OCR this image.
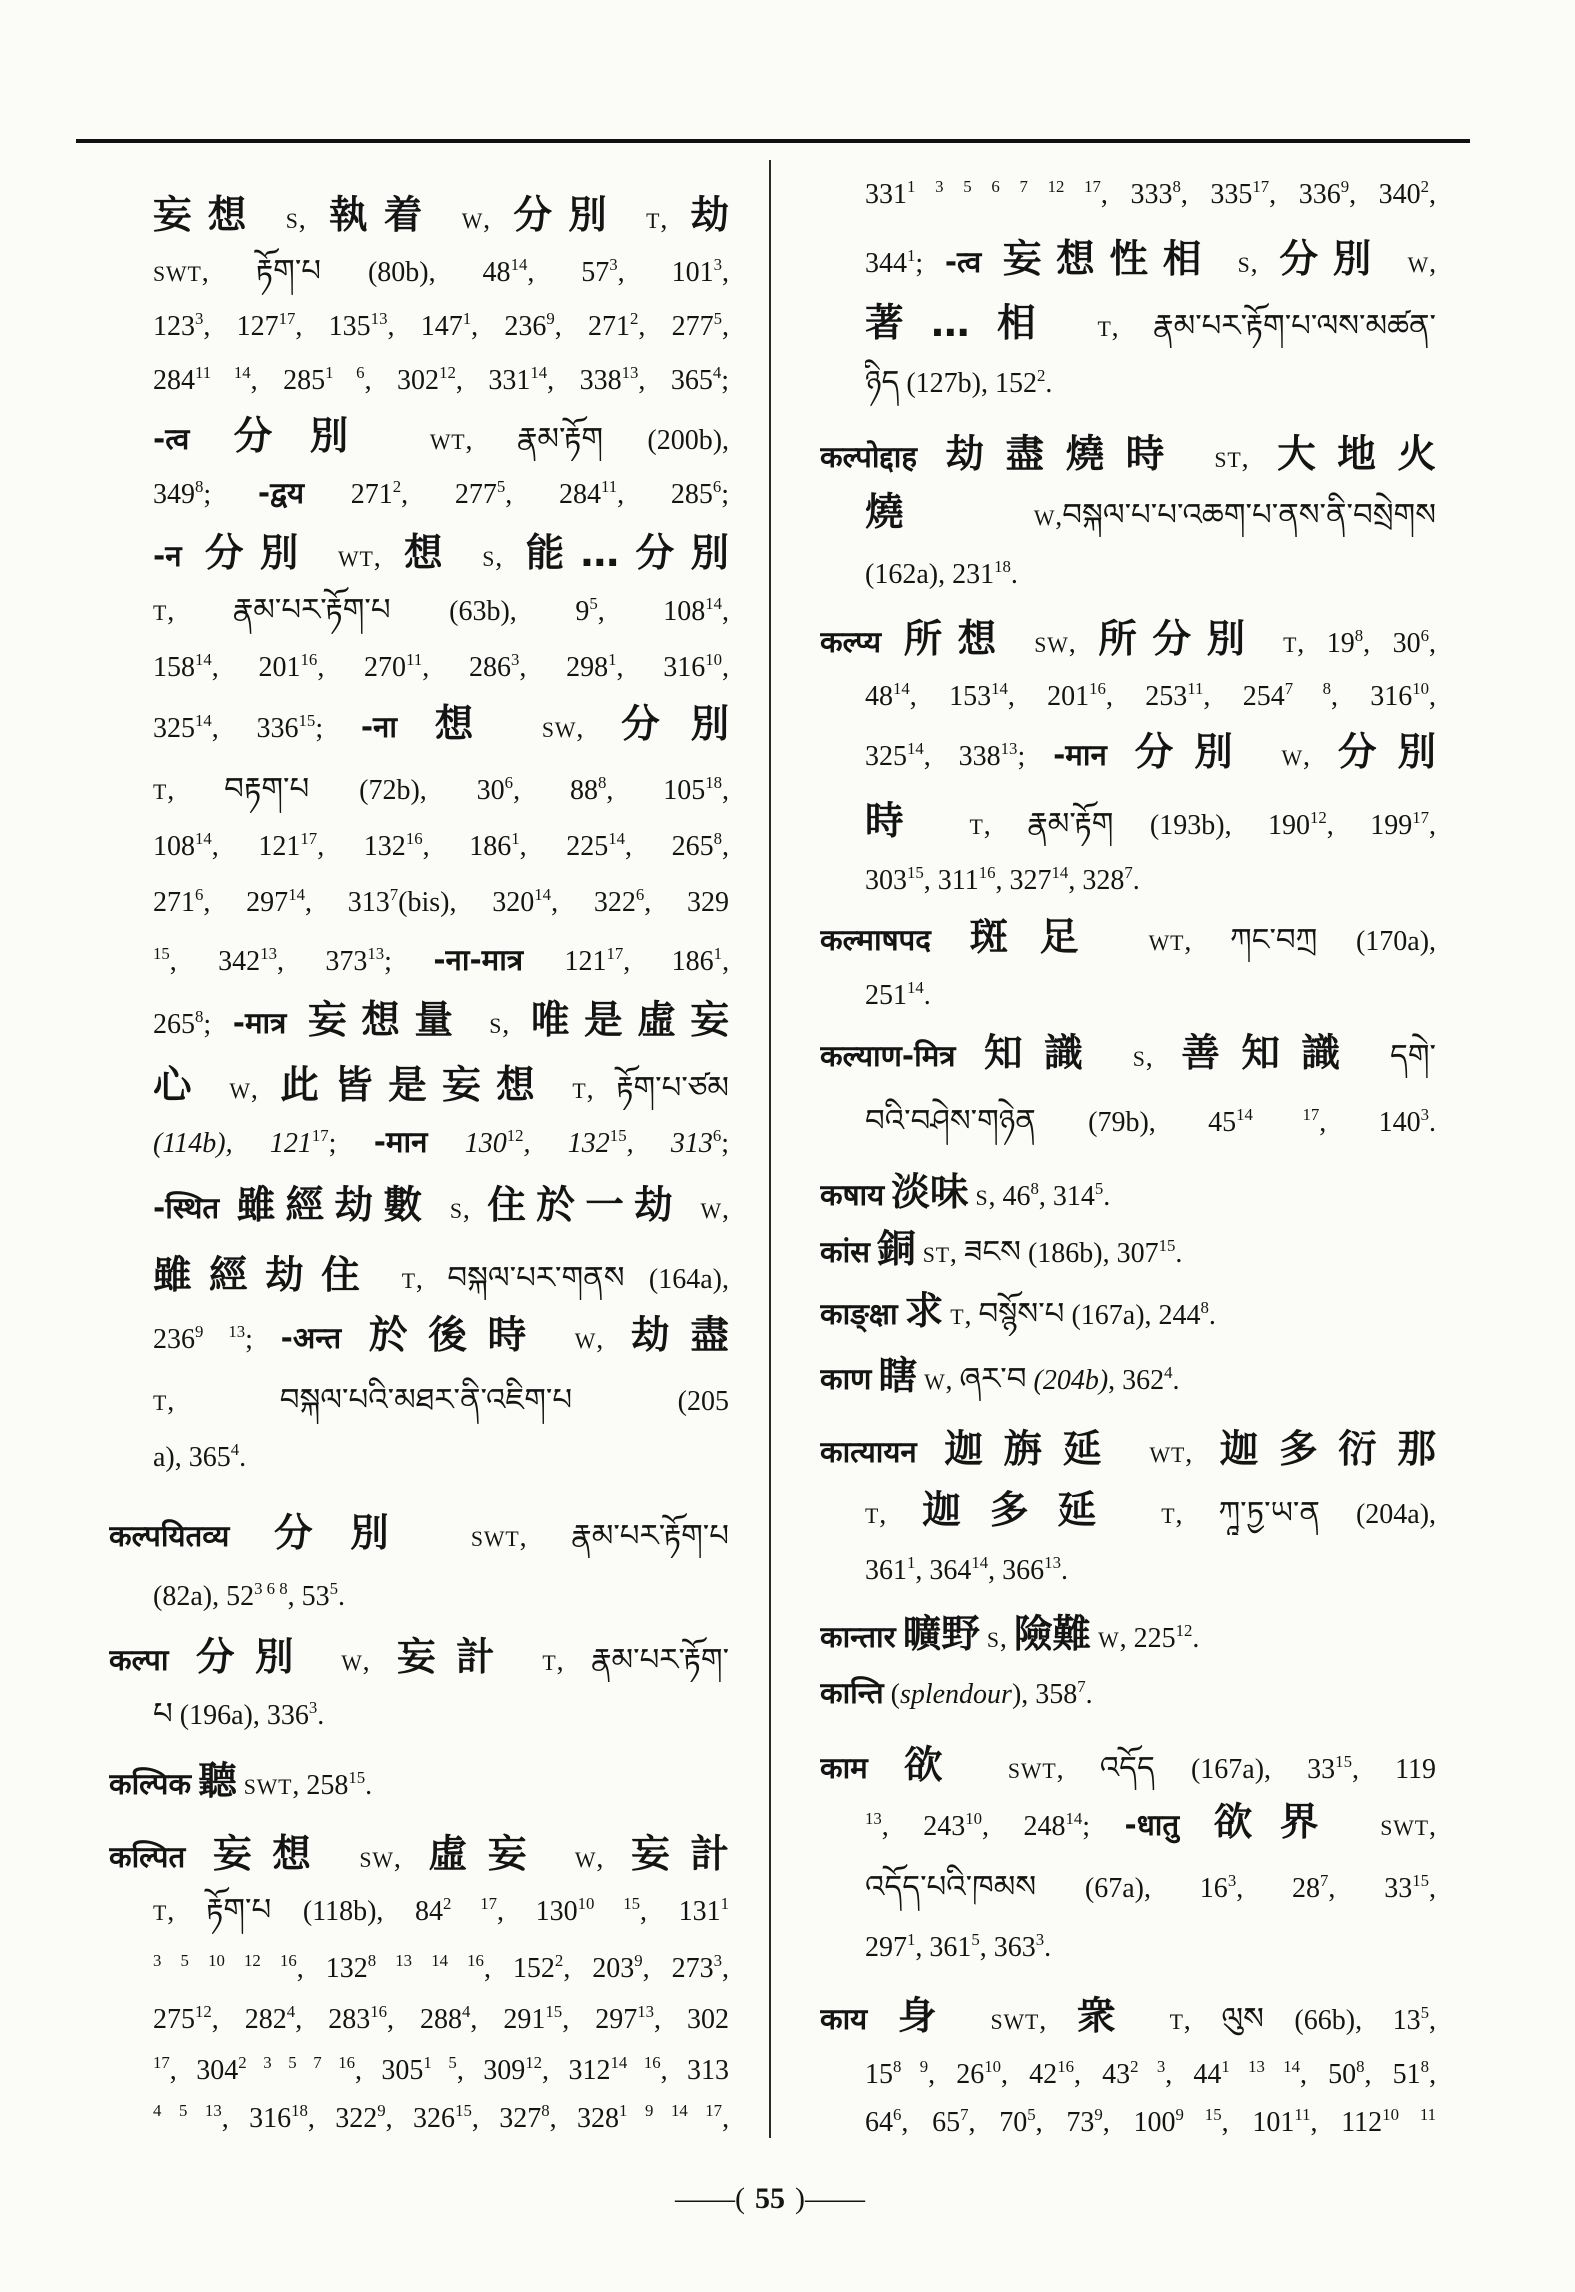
妄想 S, 執着 W, 分別 T, 劫
SWT, རྟོག་པ (80b), $48^{14}$, $57^3$, $101^3$,
$123^3$, $127^{17}$, $135^{13}$, $147^1$, $236^9$, $271^2$, $277^5$,
$284^{11 14}$, $285^{1 6}$, $302^{12}$, $331^{14}$, $338^{13}$, $365^4$;
-त्व 分別 WT, རྣམ་རྟོག (200b),
$349^8$; -द्वय $271^2$, $277^5$, $284^{11}$, $285^6$;
-न 分別 WT, 想 S, 能…分別
T, རྣམ་པར་རྟོག་པ (63b), $9^5$, $108^{14}$,
$158^{14}$, $201^{16}$, $270^{11}$, $286^3$, $298^1$, $316^{10}$,
$325^{14}$, $336^{15}$; -ना 想 SW, 分別
T, བརྟག་པ (72b), $30^6$, $88^8$, $105^{18}$,
$108^{14}$, $121^{17}$, $132^{16}$, $186^1$, $225^{14}$, $265^8$,
$271^6$, $297^{14}$, $313^7(bis)$, $320^{14}$, $322^6$, 329
$^{15}$, $342^{13}$, $373^{13}$; -ना-मात्र $121^{17}$, $186^1$,
$265^8$; -मात्र 妄想量 S, 唯是虛妄
心 W, 此皆是妄想 T, རྟོག་པ་ཙམ
(114b), $121^{17}$; -मान $130^{12}$, $132^{15}$, $313^6$;
-स्थित 雖經劫數 S, 住於一劫 W,
雖經劫住 T, བསྐལ་པར་གནས (164a),
$236^{9 13}$; -अन्त 於後時 W, 劫盡
T, བསྐལ་པའི་མཐར་ནི་འཇིག་པ (205
a), $365^4$.
कल्पयितव्य 分別 SWT, རྣམ་པར་རྟོག་པ
(82a), $52^{3 6 8}$, $53^5$.
कल्पा 分別 W, 妄計 T, རྣམ་པར་རྟོག་
པ (196a), $336^3$.
कल्पिक 聽 SWT, $258^{15}$.
कल्पित 妄想 SW, 虛妄 W, 妄計
T, རྟོག་པ (118b), $84^{2 17}$, $130^{10 15}$, $131^1$
$^{3 5 10 12 16}$, $132^{8 13 14 16}$, $152^2$, $203^9$, $273^3$,
$275^{12}$, $282^4$, $283^{16}$, $288^4$, $291^{15}$, $297^{13}$, 302
$^{17}$, $304^{2 3 5 7 16}$, $305^{1 5}$, $309^{12}$, $312^{14 16}$, 313
$^{4 5 13}$, $316^{18}$, $322^9$, $326^{15}$, $327^8$, $328^{1 9 14 17}$,
$331^{1 3 5 6 7 12 17}$, $333^8$, $335^{17}$, $336^9$, $340^2$,
$344^1$; -त्व 妄想性相 S, 分別 W,
著…相 T, རྣམ་པར་རྟོག་པ་ལས་མཚན་
ཉིད (127b), $152^2$.
कल्पोद्दाह 劫盡燒時 ST, 大地火
燒	W,བསྐལ་པ་པ་འཆག་པ་ནས་ནི་བསྲེགས
(162a), $231^{18}$.
कल्प्य 所想 SW, 所分別 T, $19^8$, $30^6$,
$48^{14}$, $153^{14}$, $201^{16}$, $253^{11}$, $254^{7 8}$, $316^{10}$,
$325^{14}$, $338^{13}$; -मान 分別 W, 分別
時 T, རྣམ་རྟོག (193b), $190^{12}$, $199^{17}$,
$303^{15}$, $311^{16}$, $327^{14}$, $328^7$.
कल्माषपद 斑足 WT, ཀང་བཀྲ (170a),
$251^{14}$.
कल्याण-मित्र 知識 S, 善知識 དགེ་
བའི་བཤེས་གཉེན (79b), $45^{14 17}$, $140^3$.
कषाय 淡味 S, $46^8$, $314^5$.
कांस 銅 ST, ཟངས (186b), $307^{15}$.
काङ्क्षा 求 T, བསྙོས་པ (167a), $244^8$.
काण 瞎 W, ཞར་བ (204b), $362^4$.
कात्यायन 迦旃延 WT, 迦多衍那
T, 迦多延 T, ཀཱ་ཏྱ་ཡ་ན (204a),
$361^1$, $364^{14}$, $366^{13}$.
कान्तार 曠野 S, 險難 W, $225^{12}$.
कान्ति (splendour), $358^7$.
काम 欲 SWT, འདོད (167a), $33^{15}$, 119
$^{13}$, $243^{10}$, $248^{14}$; -धातु 欲界 SWT,
འདོད་པའི་ཁམས (67a), $16^3$, $28^7$, $33^{15}$,
$297^1$, $361^5$, $363^3$.
काय 身 SWT, 衆 T, ལུས (66b), $13^5$,
$15^{8 9}$, $26^{10}$, $42^{16}$, $43^{2 3}$, $44^{1 13 14}$, $50^8$, $51^8$,
$64^6$, $65^7$, $70^5$, $73^9$, $100^{9 15}$, $101^{11}$, $112^{10 11}$
——( 55 )——
